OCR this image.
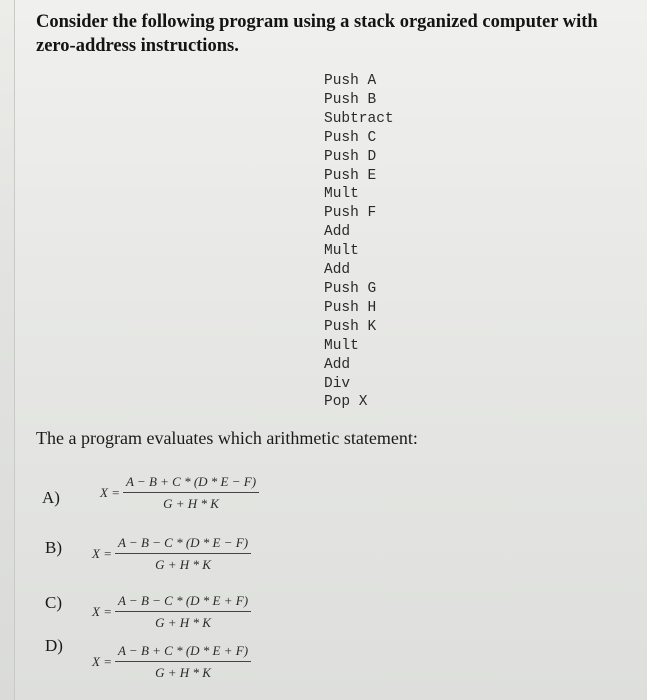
Consider the following program using a stack organized computer with zero-address instructions.
Push A
Push B
Subtract
Push C
Push D
Push E
Mult
Push F
Add
Mult
Add
Push G
Push H
Push K
Mult
Add
Div
Pop X
The a program evaluates which arithmetic statement:
A)	$X = \frac{A - B + C * (D * E - F)}{G + H * K}$
B) $X = \frac{A - B - C * (D * E - F)}{G + H * K}$
C) $X = \frac{A - B - C * (D * E + F)}{G + H * K}$
D)
$X = \frac{A - B + C * (D * E + F)}{G + H * K}$
